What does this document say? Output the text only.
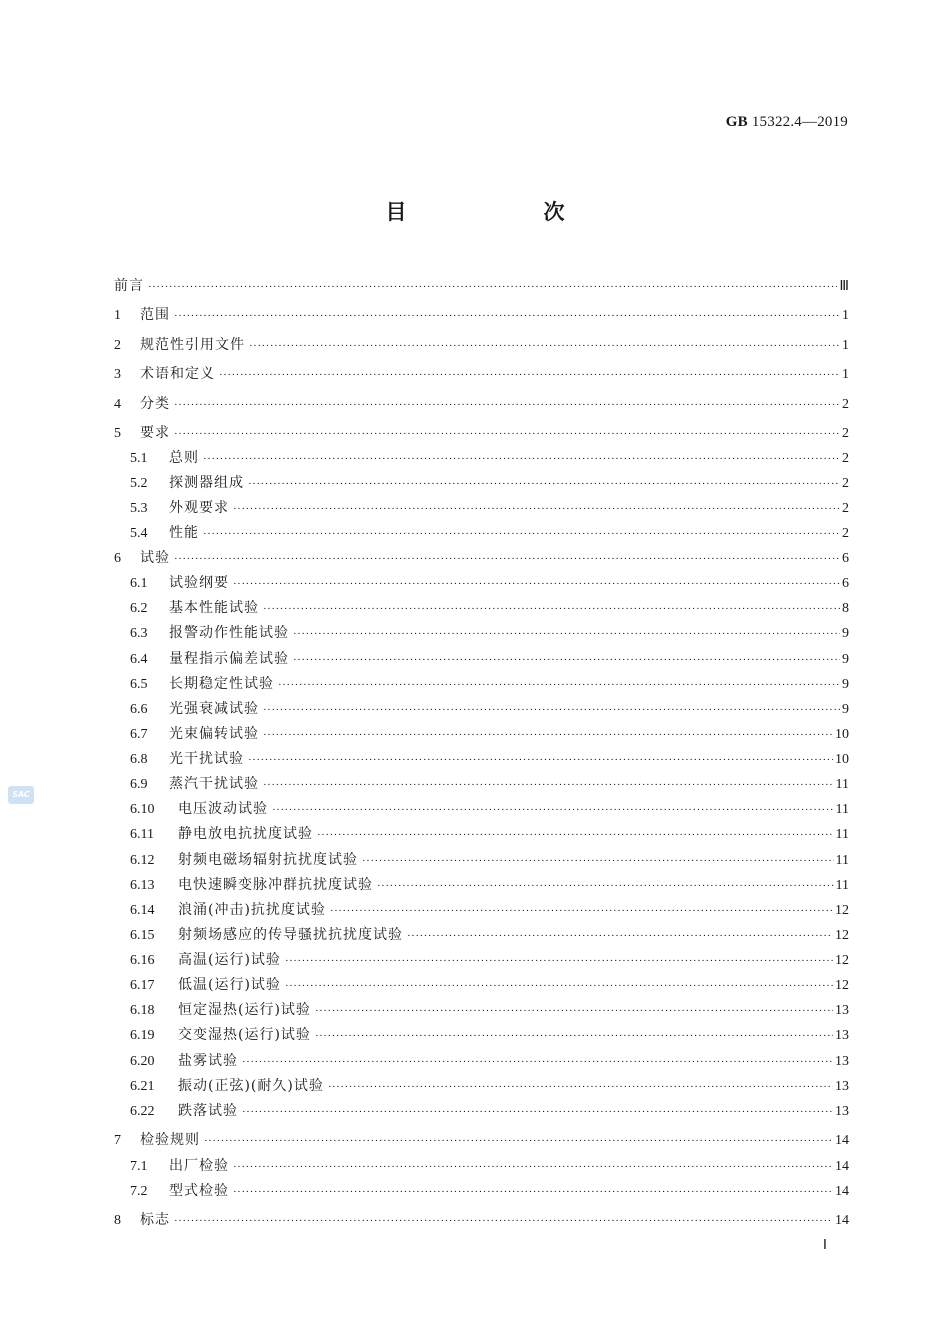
GB 15322.4—2019
目　次
前言 ·····	Ⅲ
1	范围 ·····	1
2	规范性引用文件 ·····	1
3	术语和定义 ·····	1
4	分类 ·····	2
5	要求 ·····	2
5.1	总则 ·····	2
5.2	探测器组成 ·····	2
5.3	外观要求 ·····	2
5.4	性能 ·····	2
6	试验 ·····	6
6.1	试验纲要 ·····	6
6.2	基本性能试验 ·····	8
6.3	报警动作性能试验 ·····	9
6.4	量程指示偏差试验 ·····	9
6.5	长期稳定性试验 ·····	9
6.6	光强衰减试验 ·····	9
6.7	光束偏转试验 ·····	10
6.8	光干扰试验 ·····	10
6.9	蒸汽干扰试验 ·····	11
6.10	电压波动试验 ·····	11
6.11	静电放电抗扰度试验 ·····	11
6.12	射频电磁场辐射抗扰度试验 ·····	11
6.13	电快速瞬变脉冲群抗扰度试验 ·····	11
6.14	浪涌(冲击)抗扰度试验 ·····	12
6.15	射频场感应的传导骚扰抗扰度试验 ·····	12
6.16	高温(运行)试验 ·····	12
6.17	低温(运行)试验 ·····	12
6.18	恒定湿热(运行)试验 ·····	13
6.19	交变湿热(运行)试验 ·····	13
6.20	盐雾试验 ·····	13
6.21	振动(正弦)(耐久)试验 ·····	13
6.22	跌落试验 ·····	13
7	检验规则 ·····	14
7.1	出厂检验 ·····	14
7.2	型式检验 ·····	14
8	标志 ·····	14
SAC
Ⅰ
